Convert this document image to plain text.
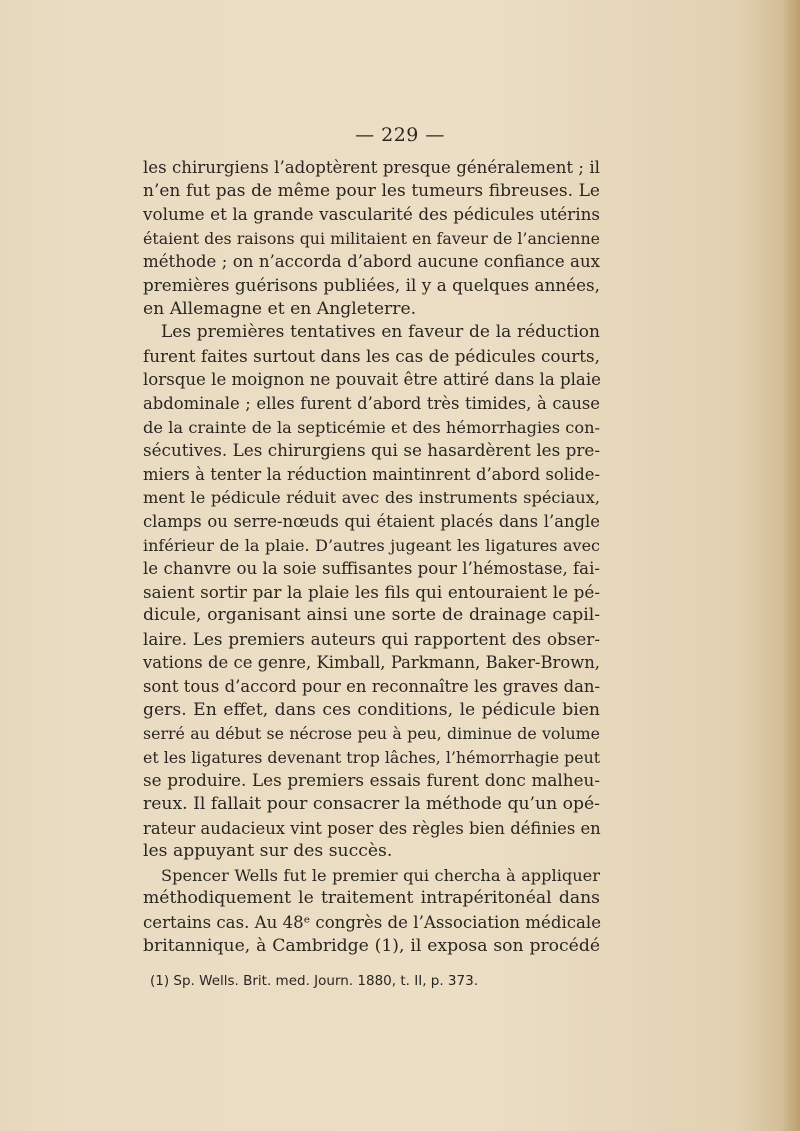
— 229 —
les chirurgiens l’adoptèrent presque généralement ; il
n’en fut pas de même pour les tumeurs fibreuses. Le
volume et la grande vascularité des pédicules utérins
étaient des raisons qui militaient en faveur de l’ancienne
méthode ; on n’accorda d’abord aucune confiance aux
premières guérisons publiées, il y a quelques années,
en Allemagne et en Angleterre.
Les premières tentatives en faveur de la réduction
furent faites surtout dans les cas de pédicules courts,
lorsque le moignon ne pouvait être attiré dans la plaie
abdominale ; elles furent d’abord très timides, à cause
de la crainte de la septicémie et des hémorrhagies con-
sécutives. Les chirurgiens qui se hasardèrent les pre-
miers à tenter la réduction maintinrent d’abord solide-
ment le pédicule réduit avec des instruments spéciaux,
clamps ou serre-nœuds qui étaient placés dans l’angle
inférieur de la plaie. D’autres jugeant les ligatures avec
le chanvre ou la soie suffisantes pour l’hémostase, fai-
saient sortir par la plaie les fils qui entouraient le pé-
dicule, organisant ainsi une sorte de drainage capil-
laire. Les premiers auteurs qui rapportent des obser-
vations de ce genre, Kimball, Parkmann, Baker-Brown,
sont tous d’accord pour en reconnaître les graves dan-
gers. En effet, dans ces conditions, le pédicule bien
serré au début se nécrose peu à peu, diminue de volume
et les ligatures devenant trop lâches, l’hémorrhagie peut
se produire. Les premiers essais furent donc malheu-
reux. Il fallait pour consacrer la méthode qu’un opé-
rateur audacieux vint poser des règles bien définies en
les appuyant sur des succès.
Spencer Wells fut le premier qui chercha à appliquer
méthodiquement le traitement intrapéritonéal dans
certains cas. Au 48ᵉ congrès de l’Association médicale
britannique, à Cambridge (1), il exposa son procédé
(1) Sp. Wells. Brit. med. Journ. 1880, t. II, p. 373.
